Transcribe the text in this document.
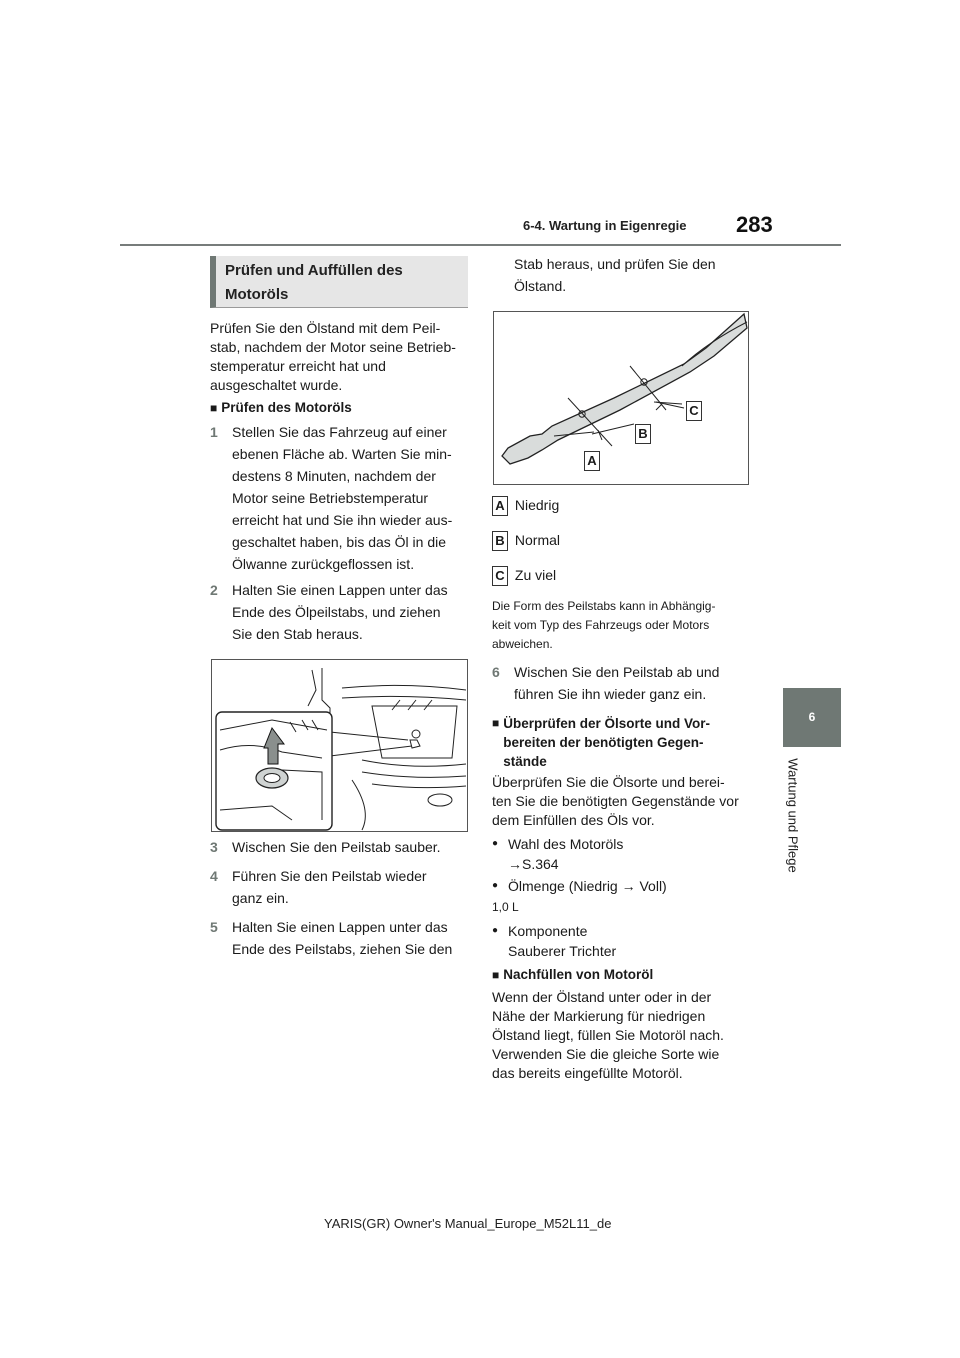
6-4. Wartung in Eigenregie 283
6
Wartung und Pflege
Prüfen und Auffüllen des
Motoröls
Prüfen Sie den Ölstand mit dem Peil-
stab, nachdem der Motor seine Betrieb-
stemperatur erreicht hat und
ausgeschaltet wurde.
■ Prüfen des Motoröls
1 Stellen Sie das Fahrzeug auf einer
ebenen Fläche ab. Warten Sie min-
destens 8 Minuten, nachdem der
Motor seine Betriebstemperatur
erreicht hat und Sie ihn wieder aus-
geschaltet haben, bis das Öl in die
Ölwanne zurückgeflossen ist.
2 Halten Sie einen Lappen unter das
Ende des Ölpeilstabs, und ziehen
Sie den Stab heraus.
3 Wischen Sie den Peilstab sauber.
4 Führen Sie den Peilstab wieder
ganz ein.
5 Halten Sie einen Lappen unter das
Ende des Peilstabs, ziehen Sie den
Stab heraus, und prüfen Sie den
Ölstand.
A
B
C
A Niedrig
B Normal
C Zu viel
Die Form des Peilstabs kann in Abhängig-
keit vom Typ des Fahrzeugs oder Motors
abweichen.
6 Wischen Sie den Peilstab ab und
führen Sie ihn wieder ganz ein.
■ Überprüfen der Ölsorte und Vor-
bereiten der benötigten Gegen-
stände
Überprüfen Sie die Ölsorte und berei-
ten Sie die benötigten Gegenstände vor
dem Einfüllen des Öls vor.
● Wahl des Motoröls
→S.364
● Ölmenge (Niedrig → Voll)
1,0 L
● Komponente
Sauberer Trichter
■ Nachfüllen von Motoröl
Wenn der Ölstand unter oder in der
Nähe der Markierung für niedrigen
Ölstand liegt, füllen Sie Motoröl nach.
Verwenden Sie die gleiche Sorte wie
das bereits eingefüllte Motoröl.
YARIS(GR) Owner's Manual_Europe_M52L11_de
